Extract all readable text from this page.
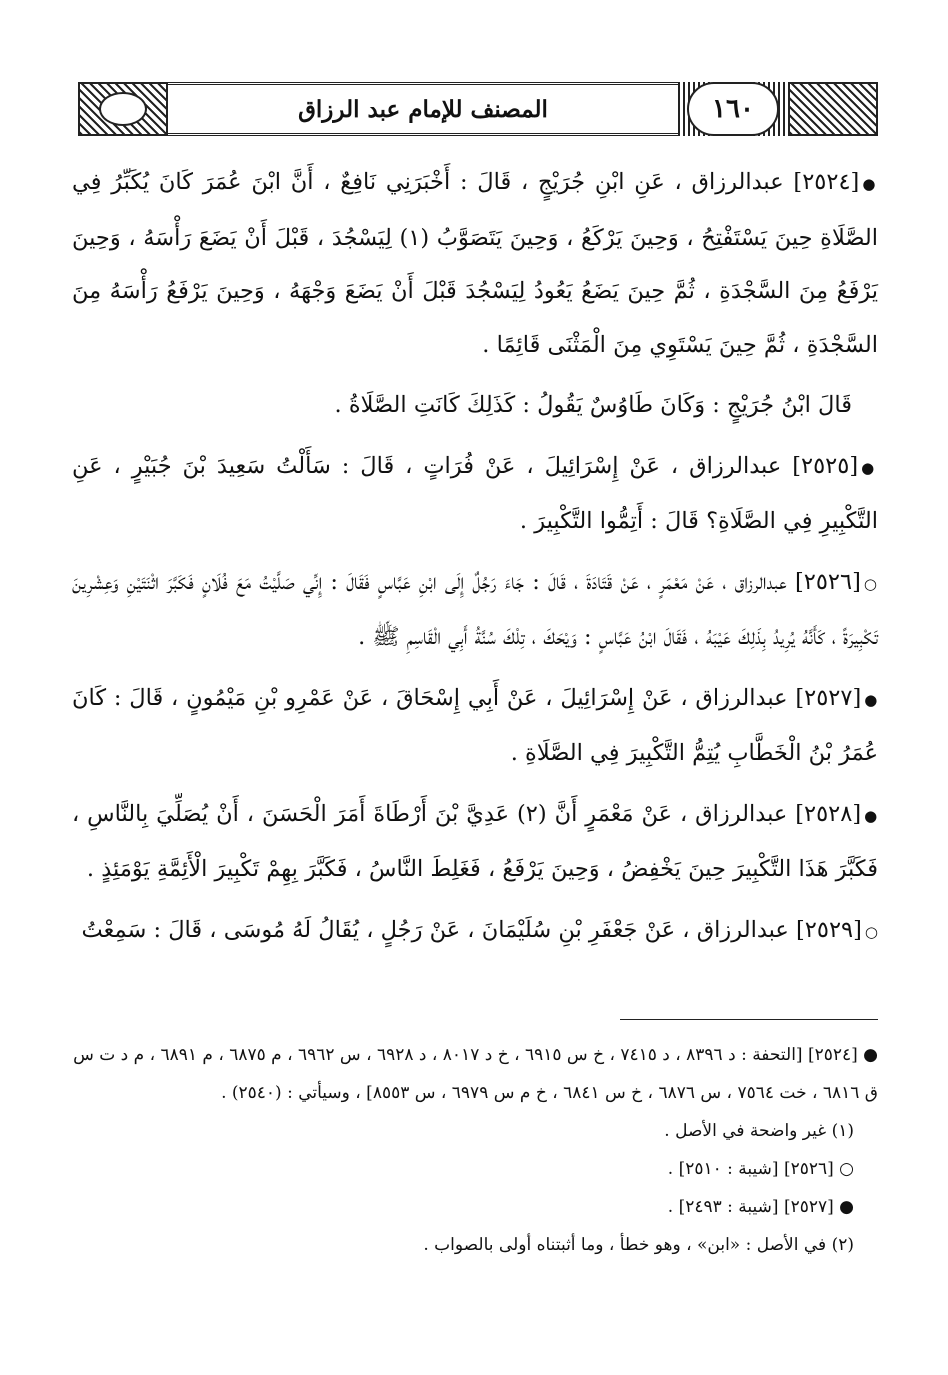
المصنف للإمام عبد الرزاق	١٦٠

●[٢٥٢٤] عبدالرزاق ، عَنِ ابْنِ جُرَيْجٍ ، قَالَ : أَخْبَرَنِي نَافِعٌ ، أَنَّ ابْنَ عُمَرَ كَانَ يُكَبِّرُ فِي الصَّلَاةِ حِينَ يَسْتَفْتِحُ ، وَحِينَ يَرْكَعُ ، وَحِينَ يَتَصَوَّبُ (١) لِيَسْجُدَ ، قَبْلَ أَنْ يَضَعَ رَأْسَهُ ، وَحِينَ يَرْفَعُ مِنَ السَّجْدَةِ ، ثُمَّ حِينَ يَضَعُ يَعُودُ لِيَسْجُدَ قَبْلَ أَنْ يَضَعَ وَجْهَهُ ، وَحِينَ يَرْفَعُ رَأْسَهُ مِنَ السَّجْدَةِ ، ثُمَّ حِينَ يَسْتَوِي مِنَ الْمَثْنَى قَائِمًا .

قَالَ ابْنُ جُرَيْجٍ : وَكَانَ طَاوُسٌ يَقُولُ : كَذَلِكَ كَانَتِ الصَّلَاةُ .

●[٢٥٢٥] عبدالرزاق ، عَنْ إِسْرَائِيلَ ، عَنْ فُرَاتٍ ، قَالَ : سَأَلْتُ سَعِيدَ بْنَ جُبَيْرٍ ، عَنِ التَّكْبِيرِ فِي الصَّلَاةِ؟ قَالَ : أَتِمُّوا التَّكْبِيرَ .

○[٢٥٢٦] عبدالرزاق ، عَنْ مَعْمَرٍ ، عَنْ قَتَادَةَ ، قَالَ : جَاءَ رَجُلٌ إِلَى ابْنِ عَبَّاسٍ فَقَالَ : إِنِّي صَلَّيْتُ مَعَ فُلَانٍ فَكَبَّرَ اثْنَتَيْنِ وَعِشْرِينَ تَكْبِيرَةً ، كَأَنَّهُ يُرِيدُ بِذَلِكَ عَيْبَهُ ، فَقَالَ ابْنُ عَبَّاسٍ : وَيْحَكَ ، تِلْكَ سُنَّةُ أَبِي الْقَاسِمِ ﷺ .

●[٢٥٢٧] عبدالرزاق ، عَنْ إِسْرَائِيلَ ، عَنْ أَبِي إِسْحَاقَ ، عَنْ عَمْرِو بْنِ مَيْمُونٍ ، قَالَ : كَانَ عُمَرُ بْنُ الْخَطَّابِ يُتِمُّ التَّكْبِيرَ فِي الصَّلَاةِ .

●[٢٥٢٨] عبدالرزاق ، عَنْ مَعْمَرٍ أَنَّ (٢) عَدِيَّ بْنَ أَرْطَاةَ أَمَرَ الْحَسَنَ ، أَنْ يُصَلِّيَ بِالنَّاسِ ، فَكَبَّرَ هَذَا التَّكْبِيرَ حِينَ يَخْفِضُ ، وَحِينَ يَرْفَعُ ، فَغَلِطَ النَّاسُ ، فَكَبَّرَ بِهِمْ تَكْبِيرَ الْأَئِمَّةِ يَوْمَئِذٍ .

○[٢٥٢٩] عبدالرزاق ، عَنْ جَعْفَرِ بْنِ سُلَيْمَانَ ، عَنْ رَجُلٍ ، يُقَالُ لَهُ مُوسَى ، قَالَ : سَمِعْتُ

● [٢٥٢٤] [التحفة : د ٨٣٩٦ ، د ٧٤١٥ ، خ س ٦٩١٥ ، خ د ٨٠١٧ ، د ٦٩٢٨ ، س ٦٩٦٢ ، م ٦٨٧٥ ، م ٦٨٩١ ، م د ت س ق ٦٨١٦ ، خت ٧٥٦٤ ، س ٦٨٧٦ ، خ س ٦٨٤١ ، خ م س ٦٩٧٩ ، س ٨٥٥٣] ، وسيأتي : (٢٥٤٠) .

(١) غير واضحة في الأصل .

○ [٢٥٢٦] [شيبة : ٢٥١٠] .

● [٢٥٢٧] [شيبة : ٢٤٩٣] .

(٢) في الأصل : «ابن» ، وهو خطأ ، وما أثبتناه أولى بالصواب .
